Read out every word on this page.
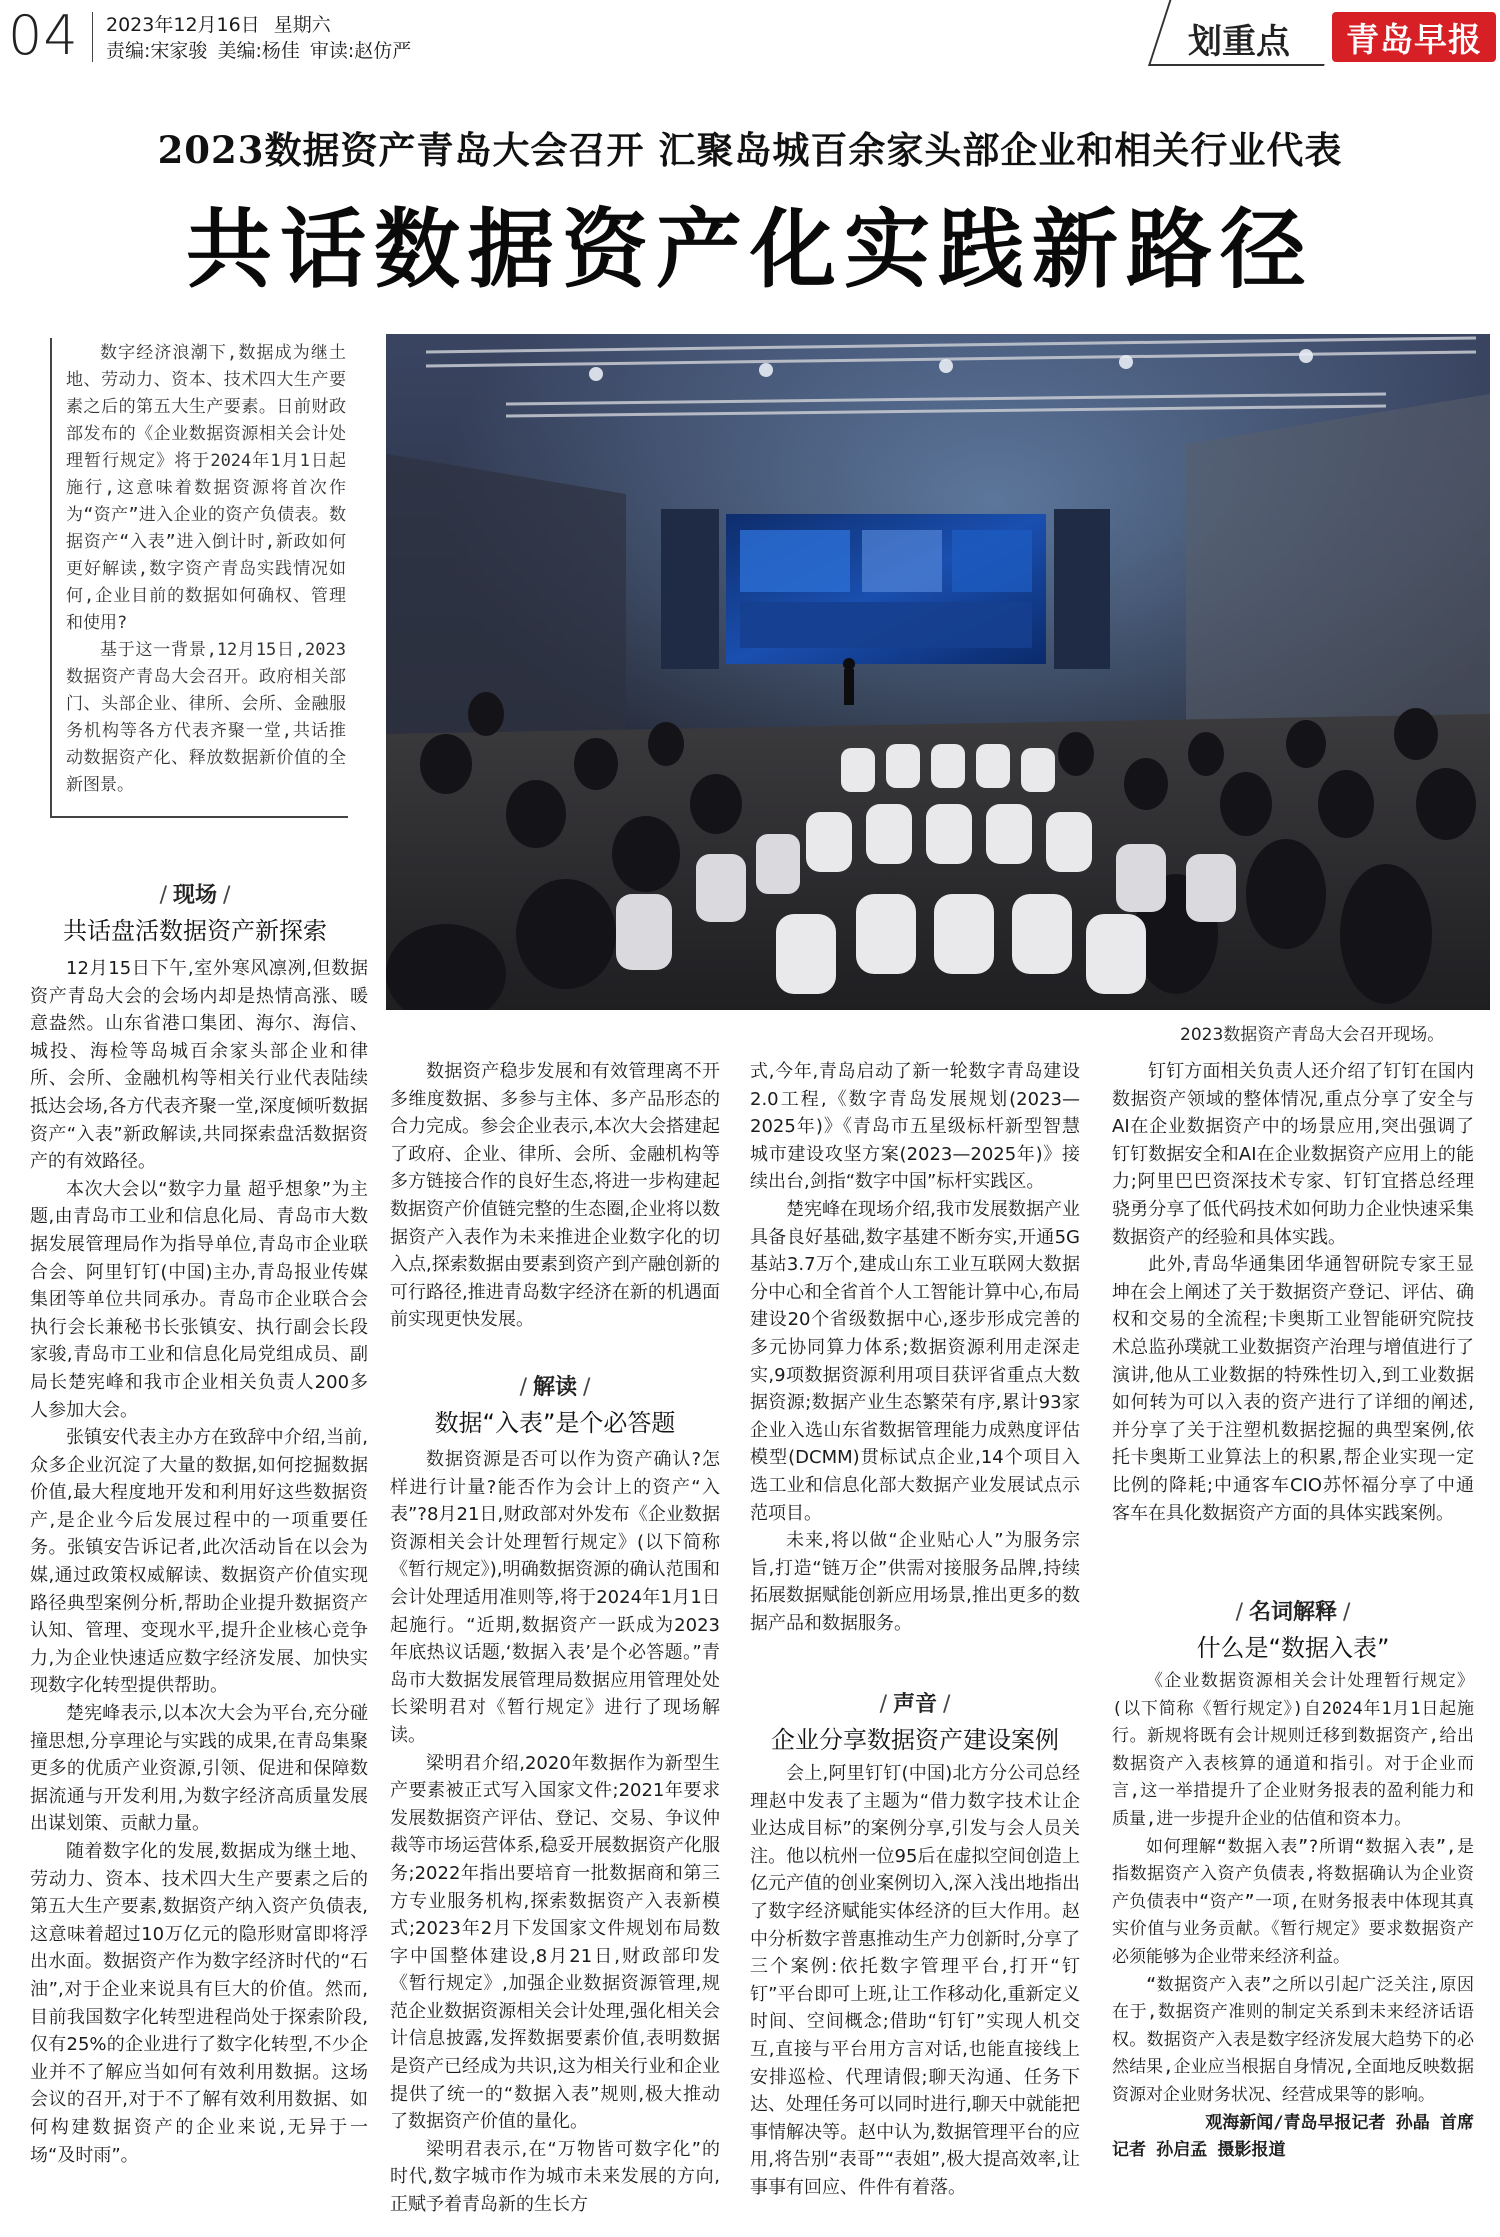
04 2023年12月16日 星期六
责编:宋家骏 美编:杨佳 审读:赵仿严	划重点	青岛早报
2023数据资产青岛大会召开 汇聚岛城百余家头部企业和相关行业代表
共话数据资产化实践新路径

数字经济浪潮下,数据成为继土地、劳动力、资本、技术四大生产要素之后的第五大生产要素。日前财政部发布的《企业数据资源相关会计处理暂行规定》将于2024年1月1日起施行,这意味着数据资源将首次作为“资产”进入企业的资产负债表。数据资产“入表”进入倒计时,新政如何更好解读,数字资产青岛实践情况如何,企业目前的数据如何确权、管理和使用?

基于这一背景,12月15日,2023数据资产青岛大会召开。政府相关部门、头部企业、律所、会所、金融服务机构等各方代表齐聚一堂,共话推动数据资产化、释放数据新价值的全新图景。

2023数据资产青岛大会召开现场。
/ 现场 /
共话盘活数据资产新探索

12月15日下午,室外寒风凛冽,但数据资产青岛大会的会场内却是热情高涨、暖意盎然。山东省港口集团、海尔、海信、城投、海检等岛城百余家头部企业和律所、会所、金融机构等相关行业代表陆续抵达会场,各方代表齐聚一堂,深度倾听数据资产“入表”新政解读,共同探索盘活数据资产的有效路径。

本次大会以“数字力量 超乎想象”为主题,由青岛市工业和信息化局、青岛市大数据发展管理局作为指导单位,青岛市企业联合会、阿里钉钉(中国)主办,青岛报业传媒集团等单位共同承办。青岛市企业联合会执行会长兼秘书长张镇安、执行副会长段家骏,青岛市工业和信息化局党组成员、副局长楚宪峰和我市企业相关负责人200多人参加大会。

张镇安代表主办方在致辞中介绍,当前,众多企业沉淀了大量的数据,如何挖掘数据价值,最大程度地开发和利用好这些数据资产,是企业今后发展过程中的一项重要任务。张镇安告诉记者,此次活动旨在以会为媒,通过政策权威解读、数据资产价值实现路径典型案例分析,帮助企业提升数据资产认知、管理、变现水平,提升企业核心竞争力,为企业快速适应数字经济发展、加快实现数字化转型提供帮助。

楚宪峰表示,以本次大会为平台,充分碰撞思想,分享理论与实践的成果,在青岛集聚更多的优质产业资源,引领、促进和保障数据流通与开发利用,为数字经济高质量发展出谋划策、贡献力量。

随着数字化的发展,数据成为继土地、劳动力、资本、技术四大生产要素之后的第五大生产要素,数据资产纳入资产负债表,这意味着超过10万亿元的隐形财富即将浮出水面。数据资产作为数字经济时代的“石油”,对于企业来说具有巨大的价值。然而,目前我国数字化转型进程尚处于探索阶段,仅有25%的企业进行了数字化转型,不少企业并不了解应当如何有效利用数据。这场会议的召开,对于不了解有效利用数据、如何构建数据资产的企业来说,无异于一场“及时雨”。

数据资产稳步发展和有效管理离不开多维度数据、多参与主体、多产品形态的合力完成。参会企业表示,本次大会搭建起了政府、企业、律所、会所、金融机构等多方链接合作的良好生态,将进一步构建起数据资产价值链完整的生态圈,企业将以数据资产入表作为未来推进企业数字化的切入点,探索数据由要素到资产到产融创新的可行路径,推进青岛数字经济在新的机遇面前实现更快发展。

/ 解读 /
数据“入表”是个必答题

数据资源是否可以作为资产确认?怎样进行计量?能否作为会计上的资产“入表”?8月21日,财政部对外发布《企业数据资源相关会计处理暂行规定》(以下简称《暂行规定》),明确数据资源的确认范围和会计处理适用准则等,将于2024年1月1日起施行。“近期,数据资产一跃成为2023年底热议话题,‘数据入表’是个必答题。”青岛市大数据发展管理局数据应用管理处处长梁明君对《暂行规定》进行了现场解读。

梁明君介绍,2020年数据作为新型生产要素被正式写入国家文件;2021年要求发展数据资产评估、登记、交易、争议仲裁等市场运营体系,稳妥开展数据资产化服务;2022年指出要培育一批数据商和第三方专业服务机构,探索数据资产入表新模式;2023年2月下发国家文件规划布局数字中国整体建设,8月21日,财政部印发《暂行规定》,加强企业数据资源管理,规范企业数据资源相关会计处理,强化相关会计信息披露,发挥数据要素价值,表明数据是资产已经成为共识,这为相关行业和企业提供了统一的“数据入表”规则,极大推动了数据资产价值的量化。

梁明君表示,在“万物皆可数字化”的时代,数字城市作为城市未来发展的方向,正赋予着青岛新的生长方

式,今年,青岛启动了新一轮数字青岛建设2.0工程,《数字青岛发展规划(2023—2025年)》《青岛市五星级标杆新型智慧城市建设攻坚方案(2023—2025年)》接续出台,剑指“数字中国”标杆实践区。

楚宪峰在现场介绍,我市发展数据产业具备良好基础,数字基建不断夯实,开通5G基站3.7万个,建成山东工业互联网大数据分中心和全省首个人工智能计算中心,布局建设20个省级数据中心,逐步形成完善的多元协同算力体系;数据资源利用走深走实,9项数据资源利用项目获评省重点大数据资源;数据产业生态繁荣有序,累计93家企业入选山东省数据管理能力成熟度评估模型(DCMM)贯标试点企业,14个项目入选工业和信息化部大数据产业发展试点示范项目。

未来,将以做“企业贴心人”为服务宗旨,打造“链万企”供需对接服务品牌,持续拓展数据赋能创新应用场景,推出更多的数据产品和数据服务。

/ 声音 /
企业分享数据资产建设案例

会上,阿里钉钉(中国)北方分公司总经理赵中发表了主题为“借力数字技术让企业达成目标”的案例分享,引发与会人员关注。他以杭州一位95后在虚拟空间创造上亿元产值的创业案例切入,深入浅出地指出了数字经济赋能实体经济的巨大作用。赵中分析数字普惠推动生产力创新时,分享了三个案例:依托数字管理平台,打开“钉钉”平台即可上班,让工作移动化,重新定义时间、空间概念;借助“钉钉”实现人机交互,直接与平台用方言对话,也能直接线上安排巡检、代理请假;聊天沟通、任务下达、处理任务可以同时进行,聊天中就能把事情解决等。赵中认为,数据管理平台的应用,将告别“表哥”“表姐”,极大提高效率,让事事有回应、件件有着落。

钉钉方面相关负责人还介绍了钉钉在国内数据资产领域的整体情况,重点分享了安全与AI在企业数据资产中的场景应用,突出强调了钉钉数据安全和AI在企业数据资产应用上的能力;阿里巴巴资深技术专家、钉钉宜搭总经理骁勇分享了低代码技术如何助力企业快速采集数据资产的经验和具体实践。

此外,青岛华通集团华通智研院专家王显坤在会上阐述了关于数据资产登记、评估、确权和交易的全流程;卡奥斯工业智能研究院技术总监孙璞就工业数据资产治理与增值进行了演讲,他从工业数据的特殊性切入,到工业数据如何转为可以入表的资产进行了详细的阐述,并分享了关于注塑机数据挖掘的典型案例,依托卡奥斯工业算法上的积累,帮企业实现一定比例的降耗;中通客车CIO苏怀福分享了中通客车在具化数据资产方面的具体实践案例。

/ 名词解释 /
什么是“数据入表”

《企业数据资源相关会计处理暂行规定》(以下简称《暂行规定》)自2024年1月1日起施行。新规将既有会计规则迁移到数据资产,给出数据资产入表核算的通道和指引。对于企业而言,这一举措提升了企业财务报表的盈利能力和质量,进一步提升企业的估值和资本力。

如何理解“数据入表”?所谓“数据入表”,是指数据资产入资产负债表,将数据确认为企业资产负债表中“资产”一项,在财务报表中体现其真实价值与业务贡献。《暂行规定》要求数据资产必须能够为企业带来经济利益。

“数据资产入表”之所以引起广泛关注,原因在于,数据资产准则的制定关系到未来经济话语权。数据资产入表是数字经济发展大趋势下的必然结果,企业应当根据自身情况,全面地反映数据资源对企业财务状况、经营成果等的影响。

观海新闻/青岛早报记者 孙晶 首席
记者 孙启孟 摄影报道
